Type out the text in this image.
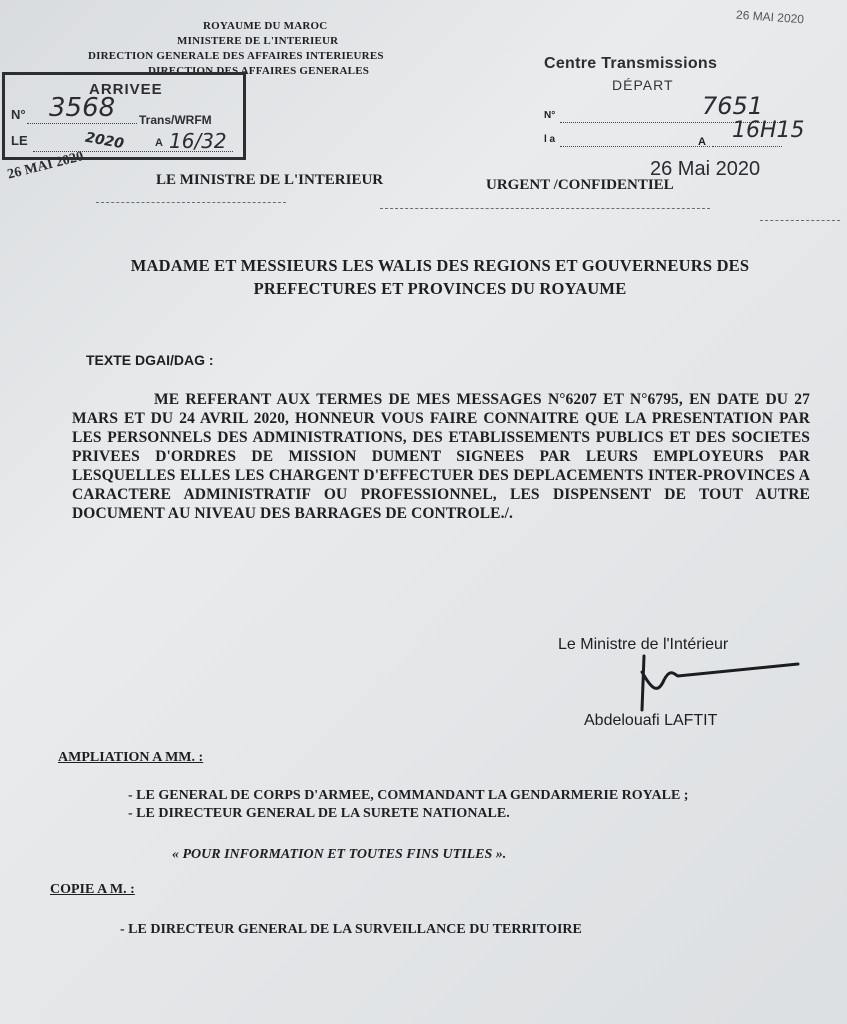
ROYAUME DU MAROC
MINISTERE DE L'INTERIEUR
DIRECTION GENERALE DES AFFAIRES INTERIEURES
DIRECTION DES AFFAIRES GENERALES
ARRIVEE
N° 3568 Trans/WRFM
LE	2020	A 16/32
26 MAI 2020
26 MAI 2020
Centre Transmissions
DÉPART
N°	7651
l a	A 16H15
26 Mai 2020
LE MINISTRE DE L'INTERIEUR	URGENT /CONFIDENTIEL
MADAME ET MESSIEURS LES WALIS DES REGIONS ET GOUVERNEURS DES
PREFECTURES ET PROVINCES DU ROYAUME
TEXTE DGAI/DAG :
ME REFERANT AUX TERMES DE MES MESSAGES N°6207 ET N°6795, EN DATE DU 27 MARS ET DU 24 AVRIL 2020, HONNEUR VOUS FAIRE CONNAITRE QUE LA PRESENTATION PAR LES PERSONNELS DES ADMINISTRATIONS, DES ETABLISSEMENTS PUBLICS ET DES SOCIETES PRIVEES D'ORDRES DE MISSION DUMENT SIGNEES PAR LEURS EMPLOYEURS PAR LESQUELLES ELLES LES CHARGENT D'EFFECTUER DES DEPLACEMENTS INTER-PROVINCES A CARACTERE ADMINISTRATIF OU PROFESSIONNEL, LES DISPENSENT DE TOUT AUTRE DOCUMENT AU NIVEAU DES BARRAGES DE CONTROLE./.
Le Ministre de l'Intérieur
Abdelouafi LAFTIT
AMPLIATION A MM. :
- LE GENERAL DE CORPS D'ARMEE, COMMANDANT LA GENDARMERIE ROYALE ;
- LE DIRECTEUR GENERAL DE LA SURETE NATIONALE.
« POUR INFORMATION ET TOUTES FINS UTILES ».
COPIE A M. :
- LE DIRECTEUR GENERAL DE LA SURVEILLANCE DU TERRITOIRE
